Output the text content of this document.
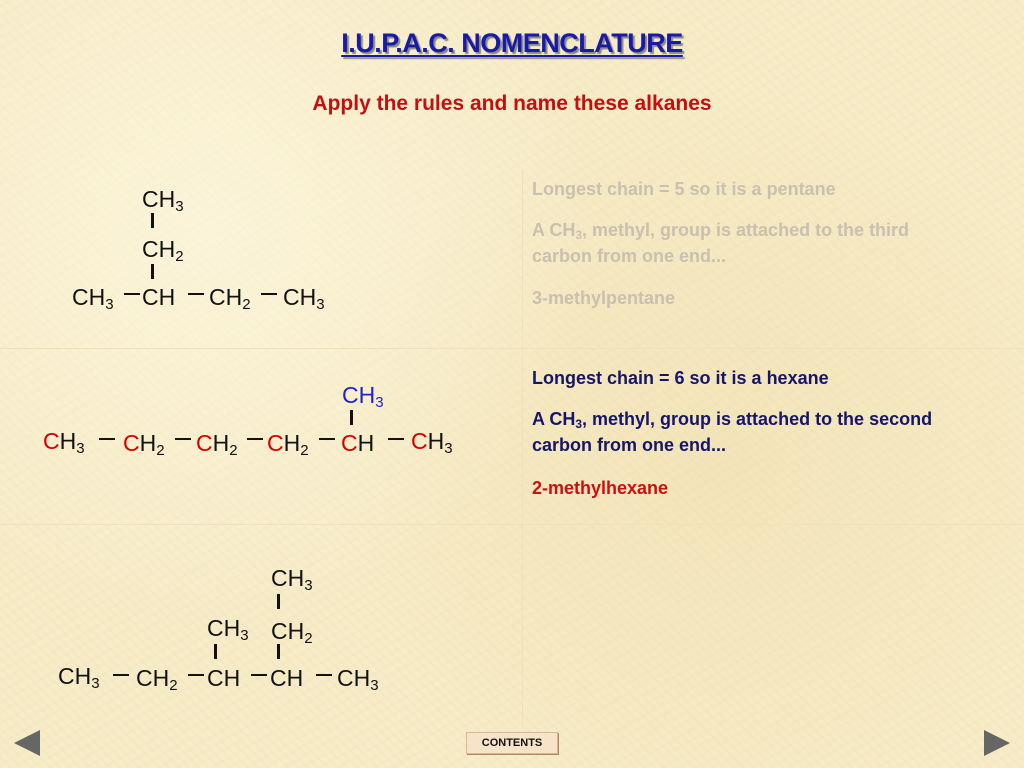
I.U.P.A.C. NOMENCLATURE
Apply the rules and name these alkanes
$CH_3$
$CH_2$
$CH_3$ CH $CH_2$ $CH_3$
Longest chain = 5 so it is a pentane
A $CH_3$, methyl, group is attached to the third carbon from one end...
3-methylpentane
$CH_3$
$CH_3$ $CH_2$ $CH_2$ $CH_2$ CH $CH_3$
Longest chain = 6 so it is a hexane
A $CH_3$, methyl, group is attached to the second carbon from one end...
2-methylhexane
$CH_3$
$CH_3$ $CH_2$
$CH_3$ $CH_2$ CH CH $CH_3$
CONTENTS
